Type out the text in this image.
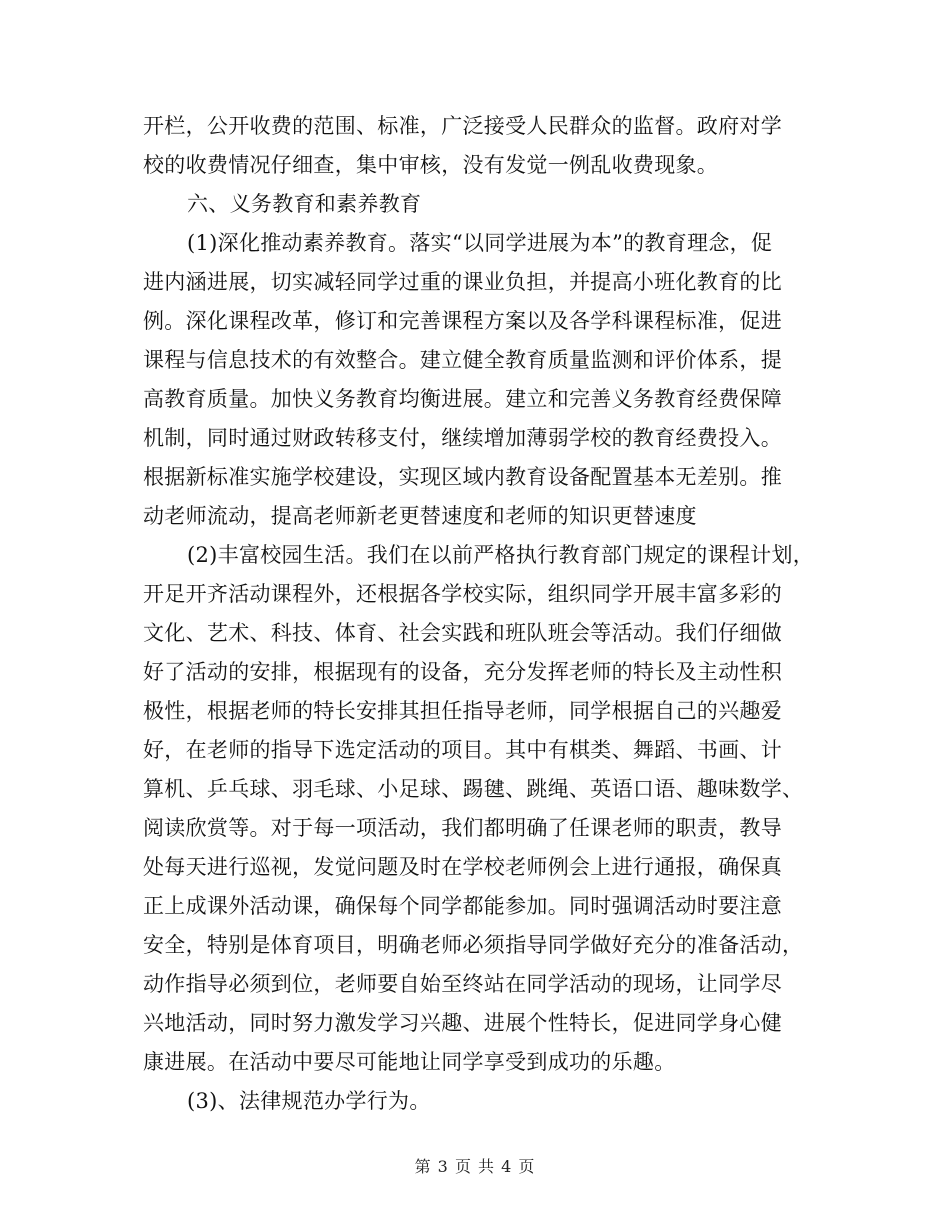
开栏，公开收费的范围、标准，广泛接受人民群众的监督。政府对学
校的收费情况仔细查，集中审核，没有发觉一例乱收费现象。
六、义务教育和素养教育
(1)深化推动素养教育。落实“以同学进展为本”的教育理念，促
进内涵进展，切实减轻同学过重的课业负担，并提高小班化教育的比
例。深化课程改革，修订和完善课程方案以及各学科课程标准，促进
课程与信息技术的有效整合。建立健全教育质量监测和评价体系，提
高教育质量。加快义务教育均衡进展。建立和完善义务教育经费保障
机制，同时通过财政转移支付，继续增加薄弱学校的教育经费投入。
根据新标准实施学校建设，实现区域内教育设备配置基本无差别。推
动老师流动，提高老师新老更替速度和老师的知识更替速度
(2)丰富校园生活。我们在以前严格执行教育部门规定的课程计划，
开足开齐活动课程外，还根据各学校实际，组织同学开展丰富多彩的
文化、艺术、科技、体育、社会实践和班队班会等活动。我们仔细做
好了活动的安排，根据现有的设备，充分发挥老师的特长及主动性积
极性，根据老师的特长安排其担任指导老师，同学根据自己的兴趣爱
好，在老师的指导下选定活动的项目。其中有棋类、舞蹈、书画、计
算机、乒乓球、羽毛球、小足球、踢毽、跳绳、英语口语、趣味数学、
阅读欣赏等。对于每一项活动，我们都明确了任课老师的职责，教导
处每天进行巡视，发觉问题及时在学校老师例会上进行通报，确保真
正上成课外活动课，确保每个同学都能参加。同时强调活动时要注意
安全，特别是体育项目，明确老师必须指导同学做好充分的准备活动，
动作指导必须到位，老师要自始至终站在同学活动的现场，让同学尽
兴地活动，同时努力激发学习兴趣、进展个性特长，促进同学身心健
康进展。在活动中要尽可能地让同学享受到成功的乐趣。
(3)、法律规范办学行为。
第 3 页 共 4 页
